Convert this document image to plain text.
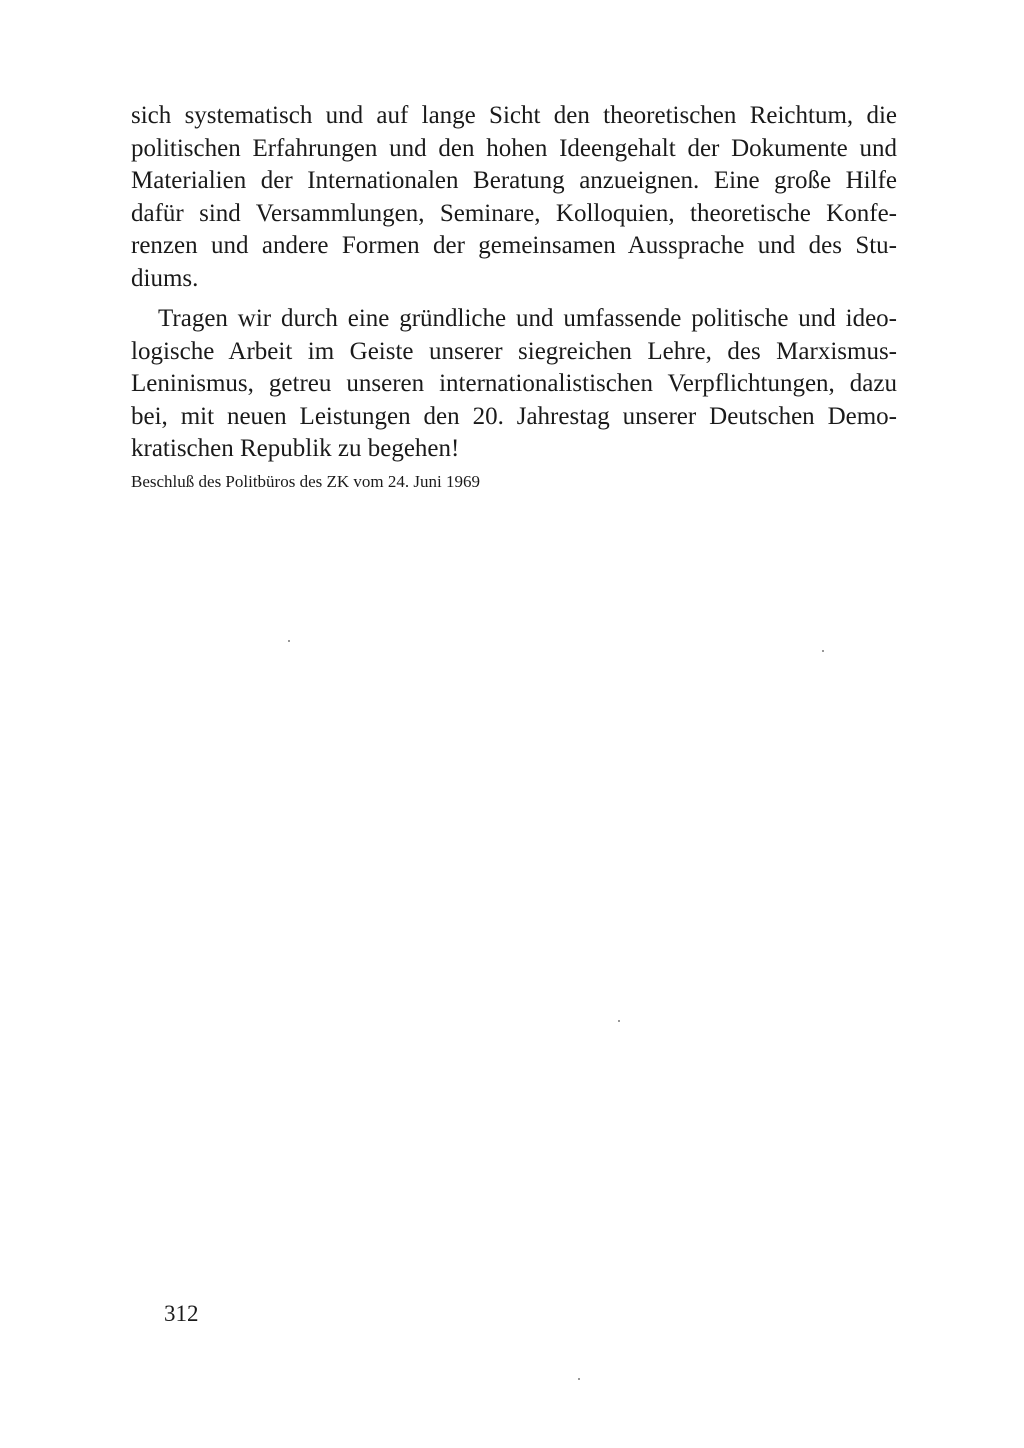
sich systematisch und auf lange Sicht den theoretischen Reichtum, die
politischen Erfahrungen und den hohen Ideengehalt der Dokumente und
Materialien der Internationalen Beratung anzueignen. Eine große Hilfe
dafür sind Versammlungen, Seminare, Kolloquien, theoretische Konfe-
renzen und andere Formen der gemeinsamen Aussprache und des Stu-
diums.
Tragen wir durch eine gründliche und umfassende politische und ideo-
logische Arbeit im Geiste unserer siegreichen Lehre, des Marxismus-
Leninismus, getreu unseren internationalistischen Verpflichtungen, dazu
bei, mit neuen Leistungen den 20. Jahrestag unserer Deutschen Demo-
kratischen Republik zu begehen!
Beschluß des Politbüros des ZK vom 24. Juni 1969
312
